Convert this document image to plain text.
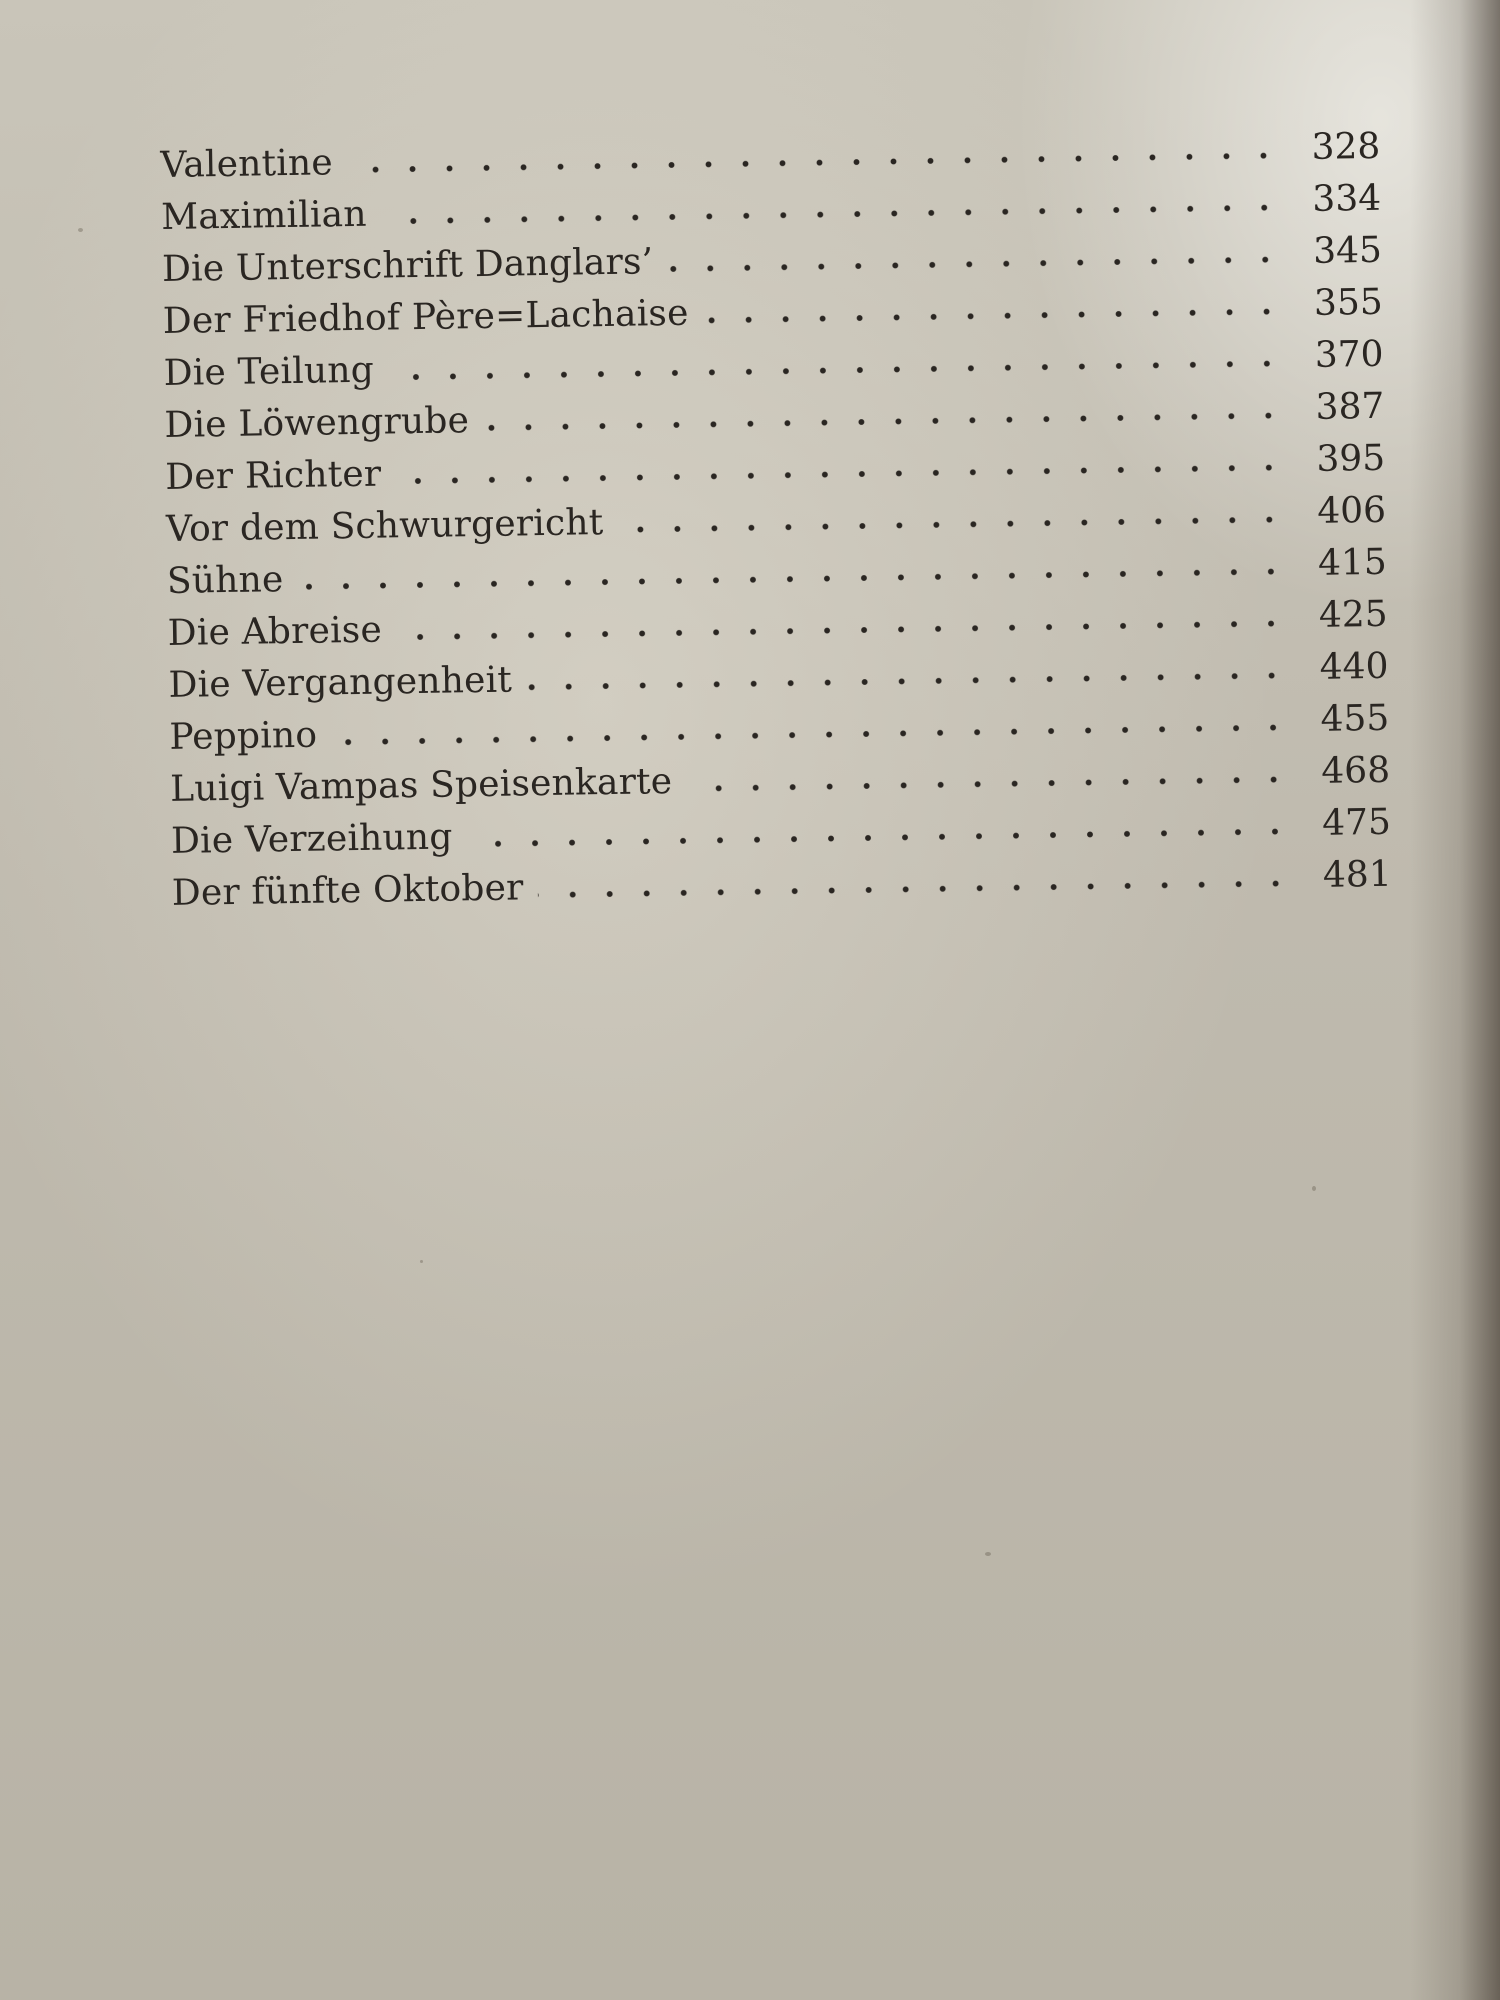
Valentine	328
Maximilian	334
Die Unterschrift Danglars’	345
Der Friedhof Père=Lachaise	355
Die Teilung	370
Die Löwengrube	387
Der Richter	395
Vor dem Schwurgericht	406
Sühne	415
Die Abreise	425
Die Vergangenheit	440
Peppino	455
Luigi Vampas Speisenkarte	468
Die Verzeihung	475
Der fünfte Oktober	481
